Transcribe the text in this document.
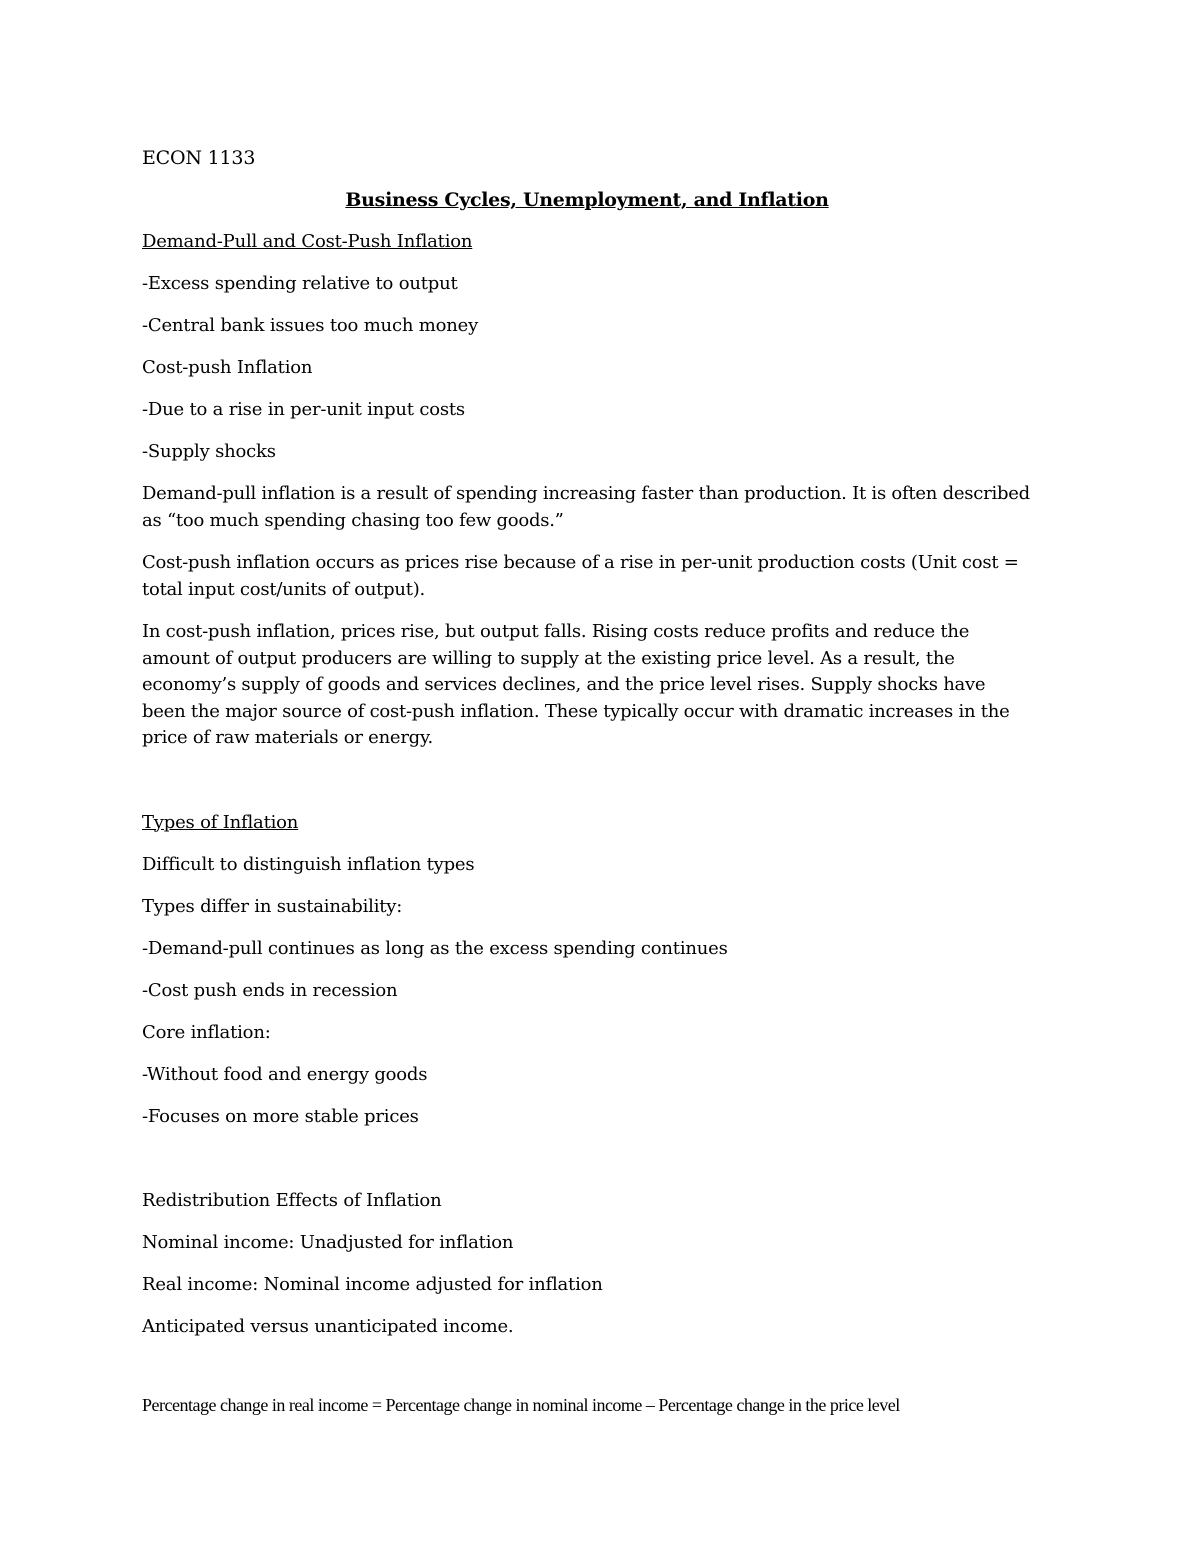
ECON 1133
Business Cycles, Unemployment, and Inflation
Demand-Pull and Cost-Push Inflation
-Excess spending relative to output
-Central bank issues too much money
Cost-push Inflation
-Due to a rise in per-unit input costs
-Supply shocks

Demand-pull inflation is a result of spending increasing faster than production. It is often described as “too much spending chasing too few goods.”

Cost-push inflation occurs as prices rise because of a rise in per-unit production costs (Unit cost = total input cost/units of output).

In cost-push inflation, prices rise, but output falls. Rising costs reduce profits and reduce the amount of output producers are willing to supply at the existing price level. As a result, the economy’s supply of goods and services declines, and the price level rises. Supply shocks have been the major source of cost-push inflation. These typically occur with dramatic increases in the price of raw materials or energy.

Types of Inflation
Difficult to distinguish inflation types
Types differ in sustainability:
-Demand-pull continues as long as the excess spending continues
-Cost push ends in recession
Core inflation:
-Without food and energy goods
-Focuses on more stable prices
Redistribution Effects of Inflation
Nominal income: Unadjusted for inflation
Real income: Nominal income adjusted for inflation
Anticipated versus unanticipated income.
Percentage change in real income = Percentage change in nominal income – Percentage change in the price level
